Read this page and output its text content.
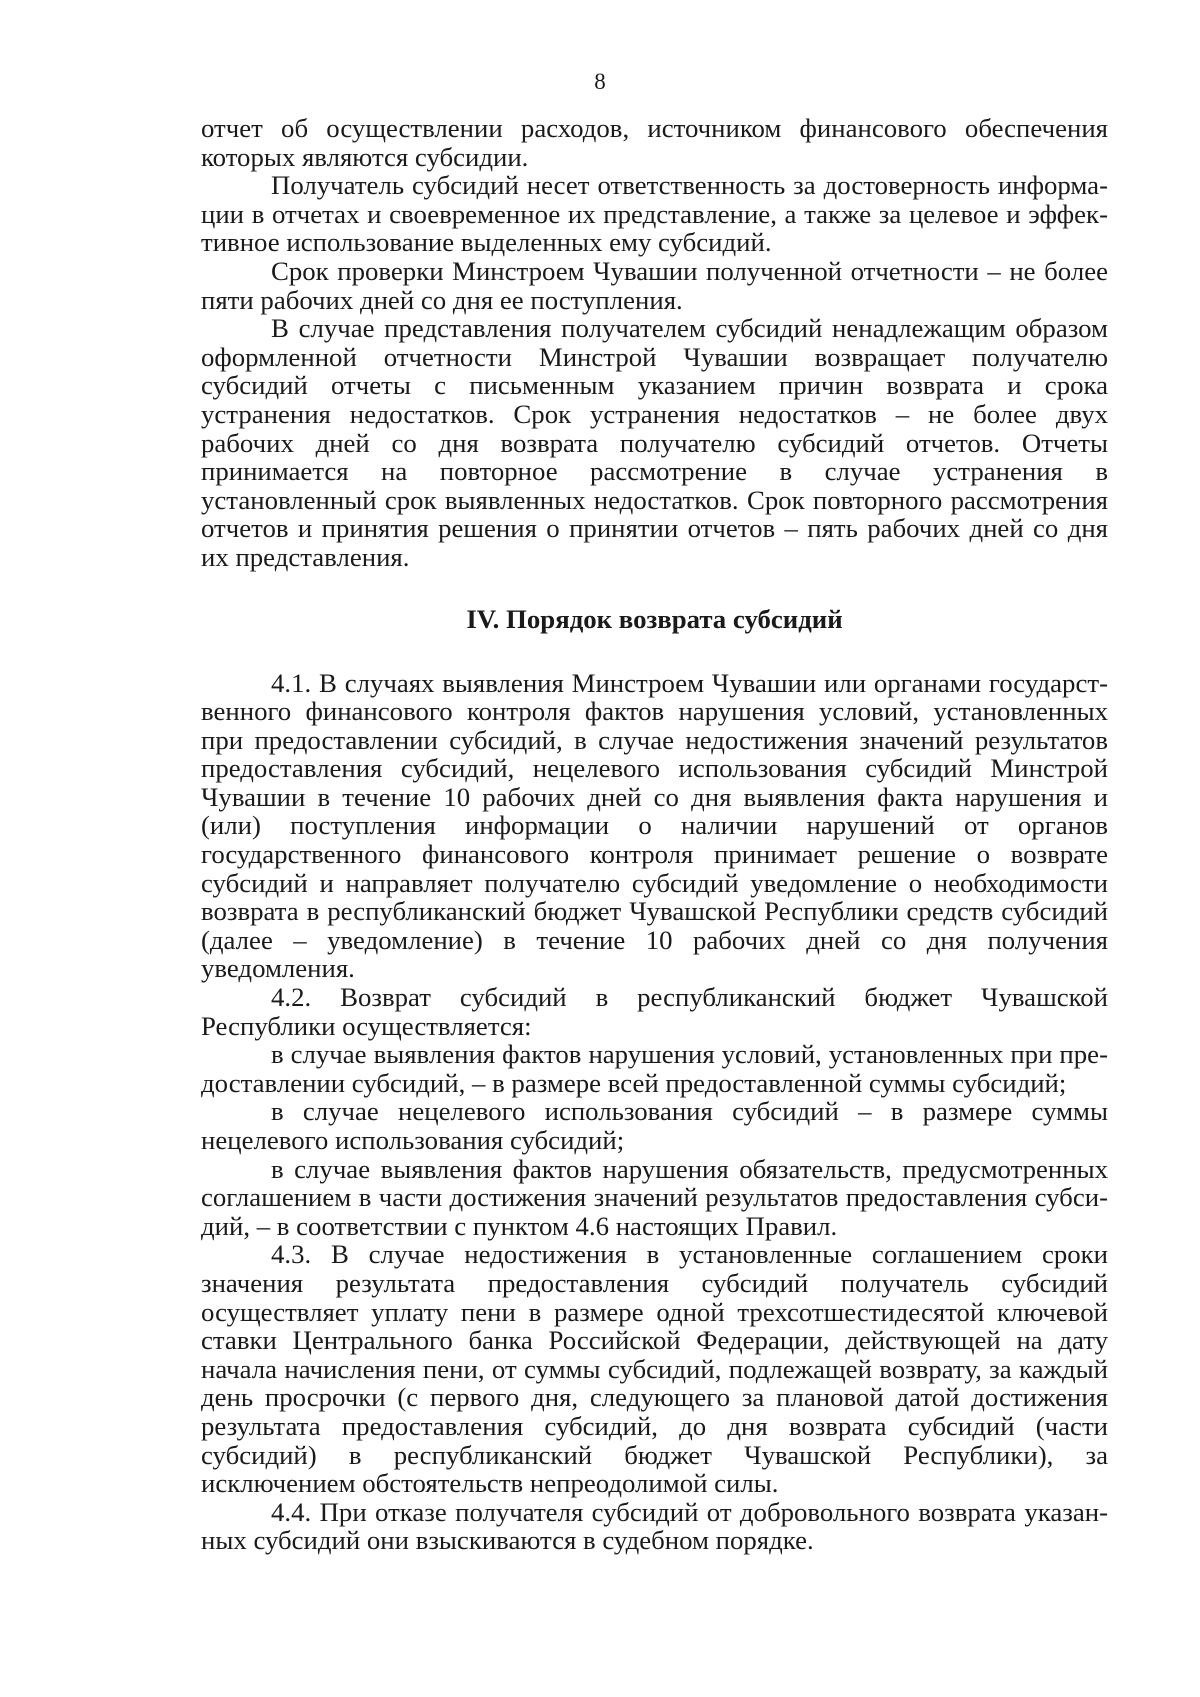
8

отчет об осуществлении расходов, источником финансового обеспечения которых являются субсидии.

Получатель субсидий несет ответственность за достоверность информации в отчетах и своевременное их представление, а также за целевое и эффективное использование выделенных ему субсидий.

Срок проверки Минстроем Чувашии полученной отчетности – не более пяти рабочих дней со дня ее поступления.

В случае представления получателем субсидий ненадлежащим образом оформленной отчетности Минстрой Чувашии возвращает получателю субсидий отчеты с письменным указанием причин возврата и срока устранения недостатков. Срок устранения недостатков – не более двух рабочих дней со дня возврата получателю субсидий отчетов. Отчеты принимается на повторное рассмотрение в случае устранения в установленный срок выявленных недостатков. Срок повторного рассмотрения отчетов и принятия решения о принятии отчетов – пять рабочих дней со дня их представления.

IV. Порядок возврата субсидий

4.1. В случаях выявления Минстроем Чувашии или органами государственного финансового контроля фактов нарушения условий, установленных при предоставлении субсидий, в случае недостижения значений результатов предоставления субсидий, нецелевого использования субсидий Минстрой Чувашии в течение 10 рабочих дней со дня выявления факта нарушения и (или) поступления информации о наличии нарушений от органов государственного финансового контроля принимает решение о возврате субсидий и направляет получателю субсидий уведомление о необходимости возврата в республиканский бюджет Чувашской Республики средств субсидий (далее – уведомление) в течение 10 рабочих дней со дня получения уведомления.

4.2. Возврат субсидий в республиканский бюджет Чувашской Республики осуществляется:

в случае выявления фактов нарушения условий, установленных при предоставлении субсидий, – в размере всей предоставленной суммы субсидий;

в случае нецелевого использования субсидий – в размере суммы нецелевого использования субсидий;

в случае выявления фактов нарушения обязательств, предусмотренных соглашением в части достижения значений результатов предоставления субсидий, – в соответствии с пунктом 4.6 настоящих Правил.

4.3. В случае недостижения в установленные соглашением сроки значения результата предоставления субсидий получатель субсидий осуществляет уплату пени в размере одной трехсотшестидесятой ключевой ставки Центрального банка Российской Федерации, действующей на дату начала начисления пени, от суммы субсидий, подлежащей возврату, за каждый день просрочки (с первого дня, следующего за плановой датой достижения результата предоставления субсидий, до дня возврата субсидий (части субсидий) в республиканский бюджет Чувашской Республики), за исключением обстоятельств непреодолимой силы.

4.4. При отказе получателя субсидий от добровольного возврата указанных субсидий они взыскиваются в судебном порядке.
